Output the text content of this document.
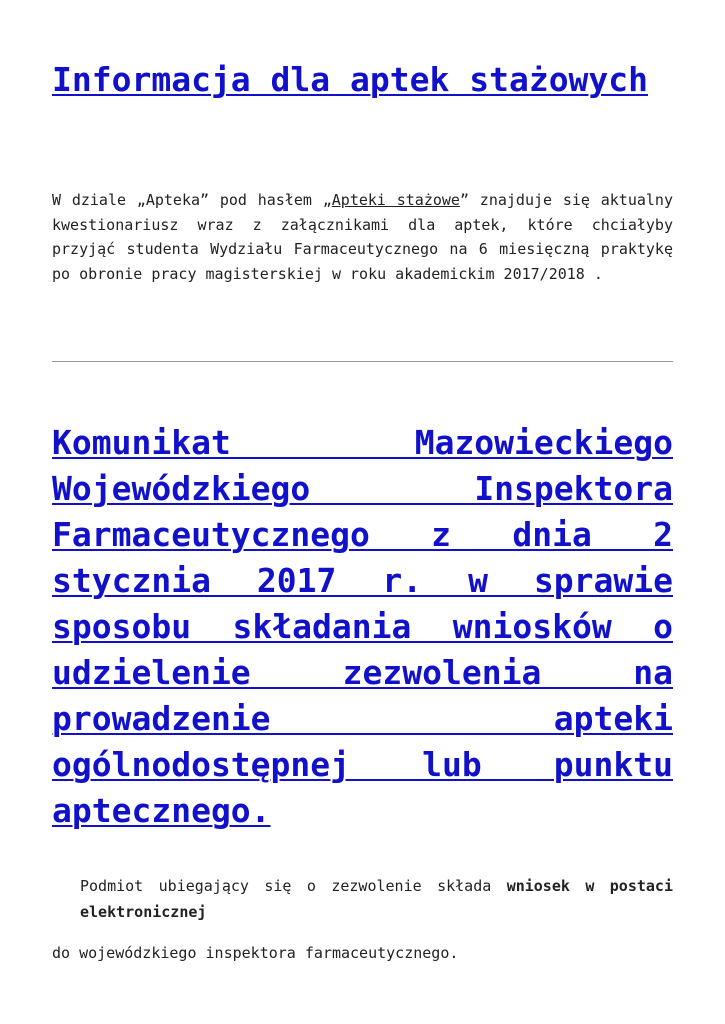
Informacja dla aptek stażowych

W dziale „Apteka” pod hasłem „Apteki stażowe” znajduje się aktualny kwestionariusz wraz z załącznikami dla aptek, które chciałyby przyjąć studenta Wydziału Farmaceutycznego na 6 miesięczną praktykę po obronie pracy magisterskiej w roku akademickim 2017/2018 .

Komunikat Mazowieckiego Wojewódzkiego Inspektora Farmaceutycznego z dnia 2 stycznia 2017 r. w sprawie sposobu składania wniosków o udzielenie zezwolenia na prowadzenie apteki ogólnodostępnej lub punktu aptecznego.

Podmiot ubiegający się o zezwolenie składa wniosek w postaci elektronicznej

do wojewódzkiego inspektora farmaceutycznego.
